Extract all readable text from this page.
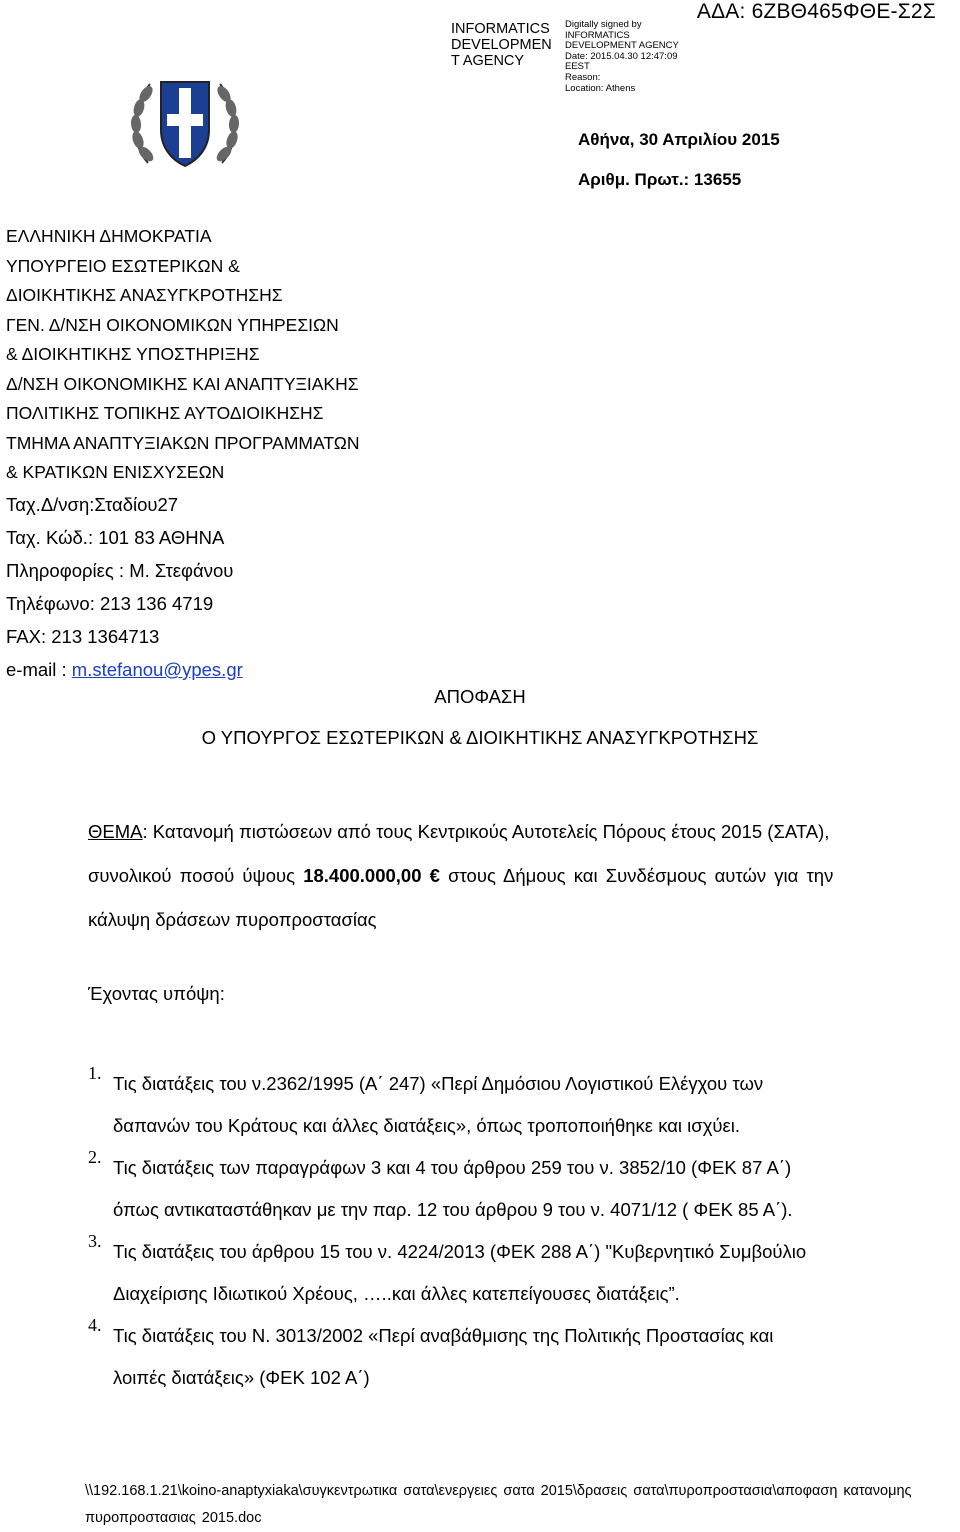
INFORMATICS
DEVELOPMEN
T AGENCY
Digitally signed by
INFORMATICS
DEVELOPMENT AGENCY
Date: 2015.04.30 12:47:09
EEST
Reason:
Location: Athens
ΑΔΑ: 6ΖΒΘ465ΦΘΕ-Σ2Σ
Αθήνα, 30 Απριλίου 2015
Αριθμ. Πρωτ.: 13655
ΕΛΛΗΝΙΚΗ ΔΗΜΟΚΡΑΤΙΑ
ΥΠΟΥΡΓΕΙΟ ΕΣΩΤΕΡΙΚΩΝ &
ΔΙΟΙΚΗΤΙΚΗΣ ΑΝΑΣΥΓΚΡΟΤΗΣΗΣ
ΓΕΝ. Δ/ΝΣΗ ΟΙΚΟΝΟΜΙΚΩΝ ΥΠΗΡΕΣΙΩΝ
& ΔΙΟΙΚΗΤΙΚΗΣ ΥΠΟΣΤΗΡΙΞΗΣ
Δ/ΝΣΗ ΟΙΚΟΝΟΜΙΚΗΣ ΚΑΙ ΑΝΑΠΤΥΞΙΑΚΗΣ
ΠΟΛΙΤΙΚΗΣ ΤΟΠΙΚΗΣ ΑΥΤΟΔΙΟΙΚΗΣΗΣ
ΤΜΗΜΑ ΑΝΑΠΤΥΞΙΑΚΩΝ ΠΡΟΓΡΑΜΜΑΤΩΝ
& ΚΡΑΤΙΚΩΝ ΕΝΙΣΧΥΣΕΩΝ
Ταχ.Δ/νση:Σταδίου27
Ταχ. Κώδ.: 101 83 ΑΘΗΝΑ
Πληροφορίες : Μ. Στεφάνου
Τηλέφωνο: 213 136 4719
FAX: 213 1364713
e-mail : m.stefanou@ypes.gr
ΑΠΟΦΑΣΗ
Ο ΥΠΟΥΡΓΟΣ ΕΣΩΤΕΡΙΚΩΝ & ΔΙΟΙΚΗΤΙΚΗΣ ΑΝΑΣΥΓΚΡΟΤΗΣΗΣ
ΘΕΜΑ: Κατανομή πιστώσεων από τους Κεντρικούς Αυτοτελείς Πόρους έτους 2015 (ΣΑΤΑ),
συνολικού ποσού ύψους 18.400.000,00 € στους Δήμους και Συνδέσμους αυτών για την
κάλυψη δράσεων πυροπροστασίας
Έχοντας υπόψη:
1. Τις διατάξεις του ν.2362/1995 (Α΄ 247) «Περί Δημόσιου Λογιστικού Ελέγχου των
δαπανών του Κράτους και άλλες διατάξεις», όπως τροποποιήθηκε και ισχύει.
2. Τις διατάξεις των παραγράφων 3 και 4 του άρθρου 259 του ν. 3852/10 (ΦΕΚ 87 Α΄)
όπως αντικαταστάθηκαν με την παρ. 12 του άρθρου 9 του ν. 4071/12 ( ΦΕΚ 85 Α΄).
3. Τις διατάξεις του άρθρου 15 του ν. 4224/2013 (ΦΕΚ 288 Α΄) "Κυβερνητικό Συμβούλιο
Διαχείρισης Ιδιωτικού Χρέους, …..και άλλες κατεπείγουσες διατάξεις”.
4. Τις διατάξεις του Ν. 3013/2002 «Περί αναβάθμισης της Πολιτικής Προστασίας και
λοιπές διατάξεις» (ΦΕΚ 102 Α΄)
\\192.168.1.21\koino-anaptyxiaka\συγκεντρωτικα σατα\ενεργειες σατα 2015\δρασεις σατα\πυροπροστασια\αποφαση κατανομης πυροπροστασιας 2015.doc
